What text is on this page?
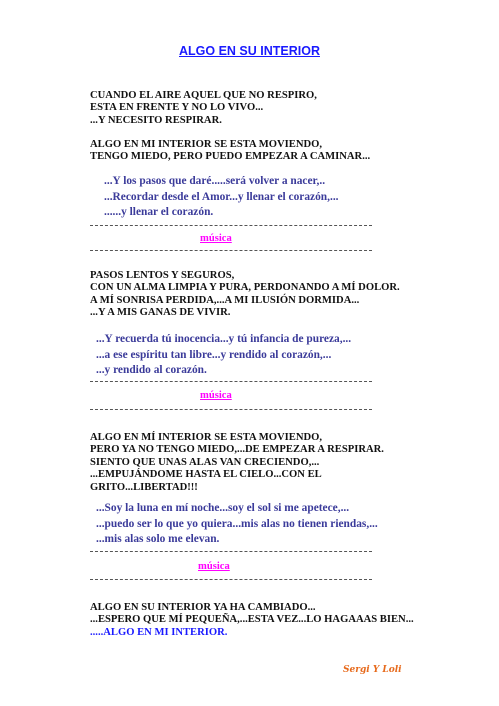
ALGO EN SU INTERIOR
CUANDO EL AIRE AQUEL QUE NO RESPIRO,
ESTA EN FRENTE Y NO LO VIVO...
...Y NECESITO RESPIRAR.
ALGO EN MI INTERIOR SE ESTA MOVIENDO,
TENGO MIEDO, PERO PUEDO EMPEZAR A CAMINAR...
...Y los pasos que daré.....será volver a nacer,..
...Recordar desde el Amor...y llenar el corazón,...
......y llenar el corazón.
música
PASOS LENTOS Y SEGUROS,
CON UN ALMA LIMPIA Y PURA, PERDONANDO A MÍ DOLOR.
A MÍ SONRISA PERDIDA,...A MI ILUSIÓN DORMIDA...
...Y A MIS GANAS DE VIVIR.
...Y recuerda tú inocencia...y tú infancia de pureza,...
...a ese espíritu tan libre...y rendido al corazón,...
...y rendido al corazón.
música
ALGO EN MÍ INTERIOR SE ESTA MOVIENDO,
PERO YA NO TENGO MIEDO,...DE EMPEZAR A RESPIRAR.
SIENTO QUE UNAS ALAS VAN CRECIENDO,...
...EMPUJÁNDOME HASTA EL CIELO...CON EL
GRITO...LIBERTAD!!!
...Soy la luna en mí noche...soy el sol si me apetece,...
...puedo ser lo que yo quiera...mis alas no tienen riendas,...
...mis alas solo me elevan.
música
ALGO EN SU INTERIOR YA HA CAMBIADO...
...ESPERO QUE MÍ PEQUEÑA,...ESTA VEZ...LO HAGAAAS BIEN...
.....ALGO EN MI INTERIOR.
Sergi Y Loli
